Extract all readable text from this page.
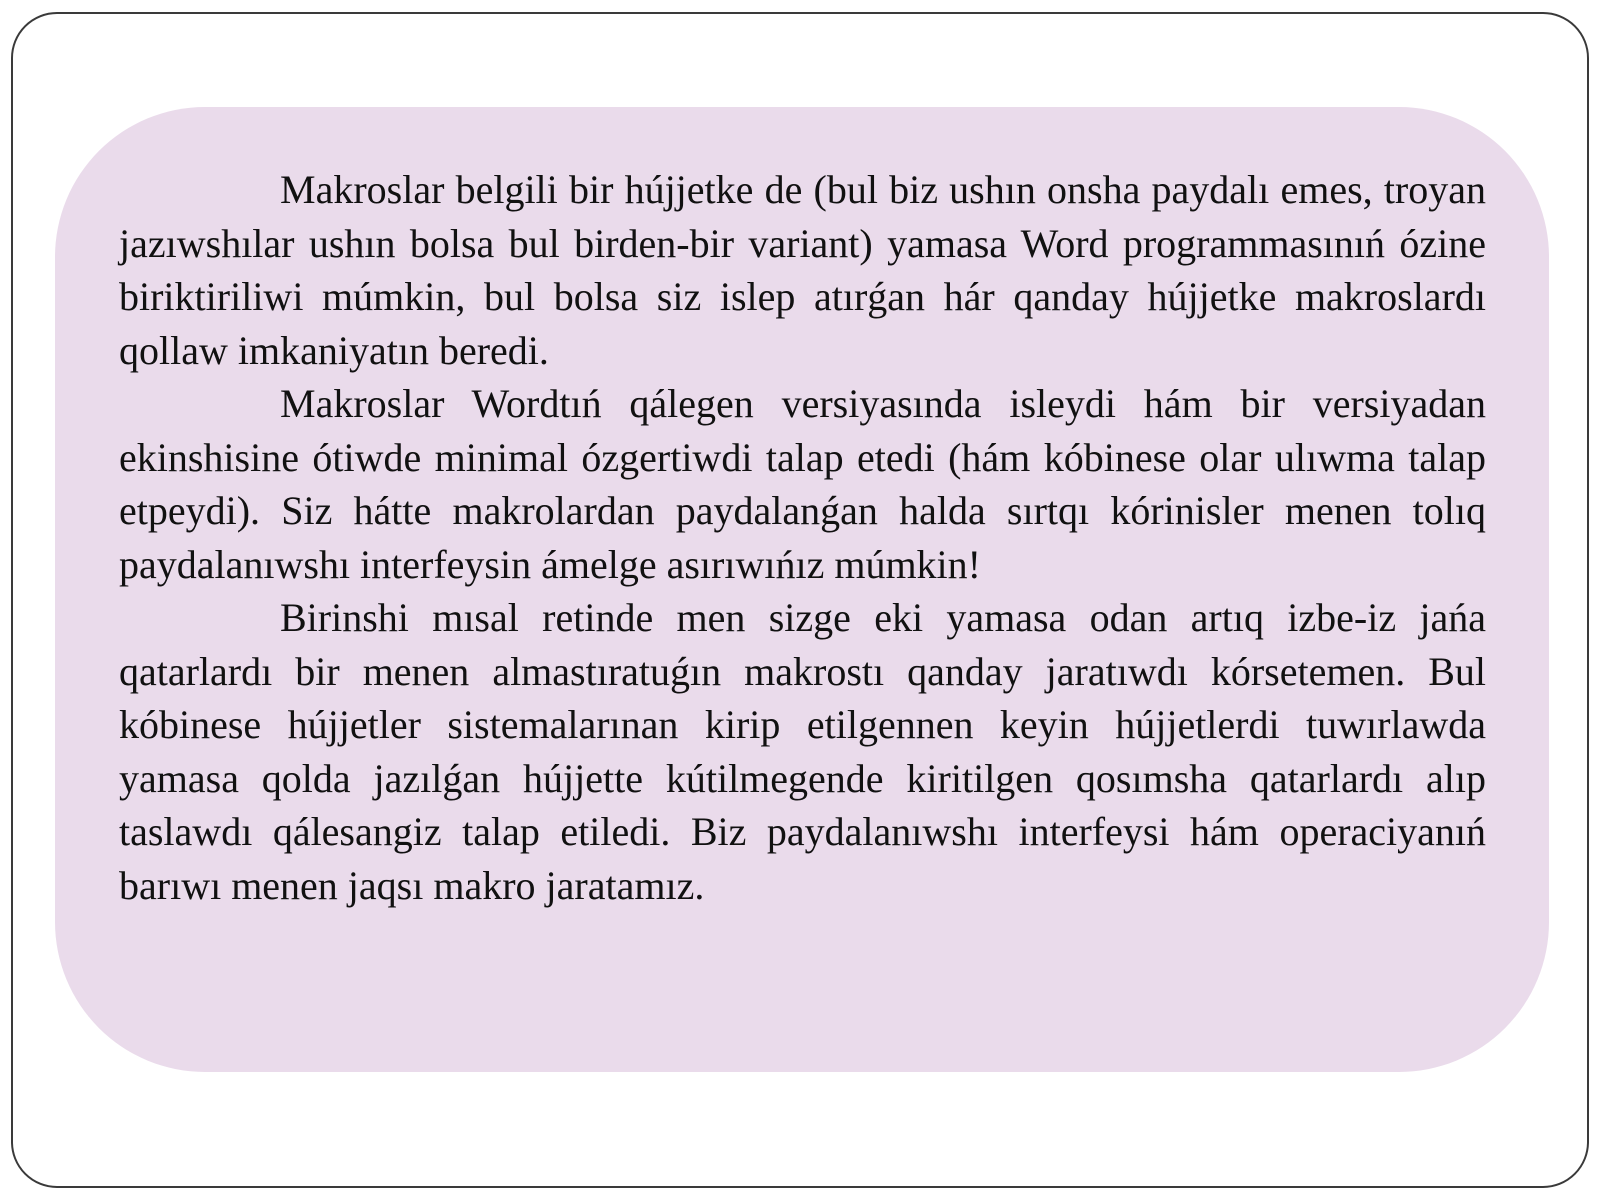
Makroslar belgili bir hújjetke de (bul biz ushın onsha paydalı emes, troyan jazıwshılar ushın bolsa bul birden-bir variant) yamasa Word programmasınıń ózine biriktiriliwi múmkin, bul bolsa siz islep atırǵan hár qanday hújjetke makroslardı qollaw imkaniyatın beredi.

Makroslar Wordtıń qálegen versiyasında isleydi hám bir versiyadan ekinshisine ótiwde minimal ózgertiwdi talap etedi (hám kóbinese olar ulıwma talap etpeydi). Siz hátte makrolardan paydalanǵan halda sırtqı kórinisler menen tolıq paydalanıwshı interfeysin ámelge asırıwıńız múmkin!

Birinshi mısal retinde men sizge eki yamasa odan artıq izbe-iz jańa qatarlardı bir menen almastıratuǵın makrostı qanday jaratıwdı kórsetemen. Bul kóbinese hújjetler sistemalarınan kirip etilgennen keyin hújjetlerdi tuwırlawda yamasa qolda jazılǵan hújjette kútilmegende kiritilgen qosımsha qatarlardı alıp taslawdı qálesangiz talap etiledi. Biz paydalanıwshı interfeysi hám operaciyanıń barıwı menen jaqsı makro jaratamız.
